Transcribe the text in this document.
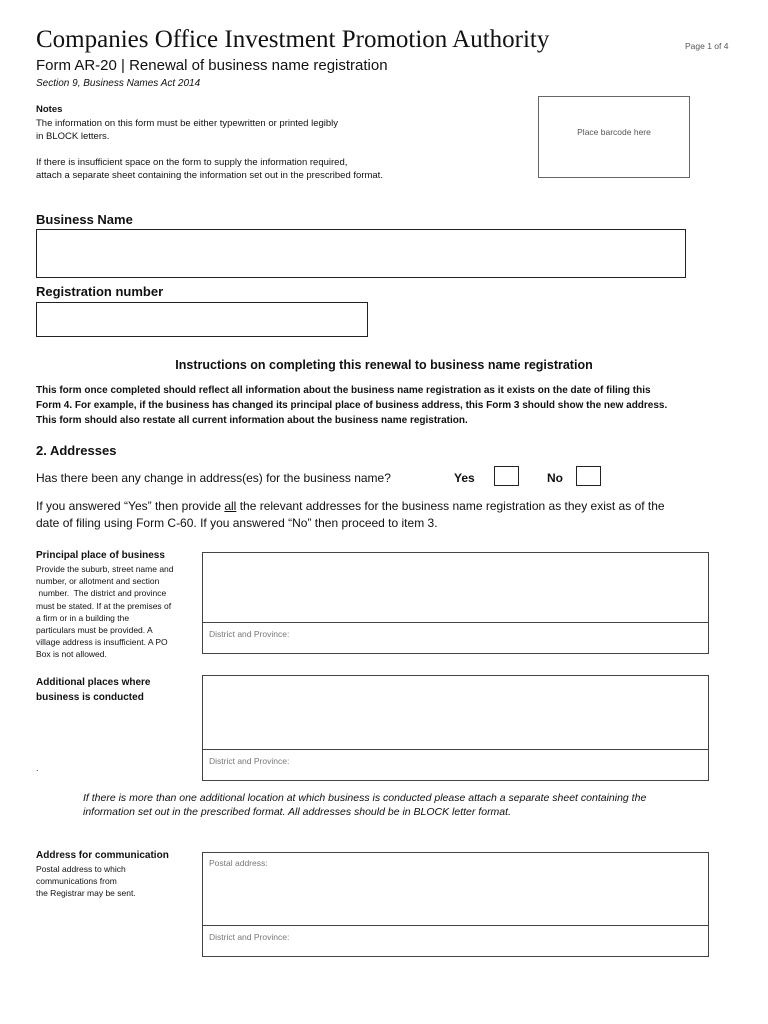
Companies Office Investment Promotion Authority	Page 1 of 4
Form AR-20 | Renewal of business name registration
Section 9, Business Names Act 2014
Notes
The information on this form must be either typewritten or printed legibly
in BLOCK letters.
If there is insufficient space on the form to supply the information required,
attach a separate sheet containing the information set out in the prescribed format.
Place barcode here
Business Name
Registration number
Instructions on completing this renewal to business name registration
This form once completed should reflect all information about the business name registration as it exists on the date of filing this
Form 4. For example, if the business has changed its principal place of business address, this Form 3 should show the new address.
This form should also restate all current information about the business name registration.
2. Addresses
Has there been any change in address(es) for the business name?	Yes	No
If you answered “Yes” then provide all the relevant addresses for the business name registration as they exist as of the
date of filing using Form C-60. If you answered “No” then proceed to item 3.
Principal place of business
Provide the suburb, street name and
number, or allotment and section
number.  The district and province
must be stated. If at the premises of
a firm or in a building the
particulars must be provided. A
village address is insufficient. A PO
Box is not allowed.
District and Province:
Additional places where
business is conducted
.
District and Province:
If there is more than one additional location at which business is conducted please attach a separate sheet containing the
information set out in the prescribed format. All addresses should be in BLOCK letter format.
Address for communication
Postal address to which
communications from
the Registrar may be sent.
Postal address:
District and Province:
